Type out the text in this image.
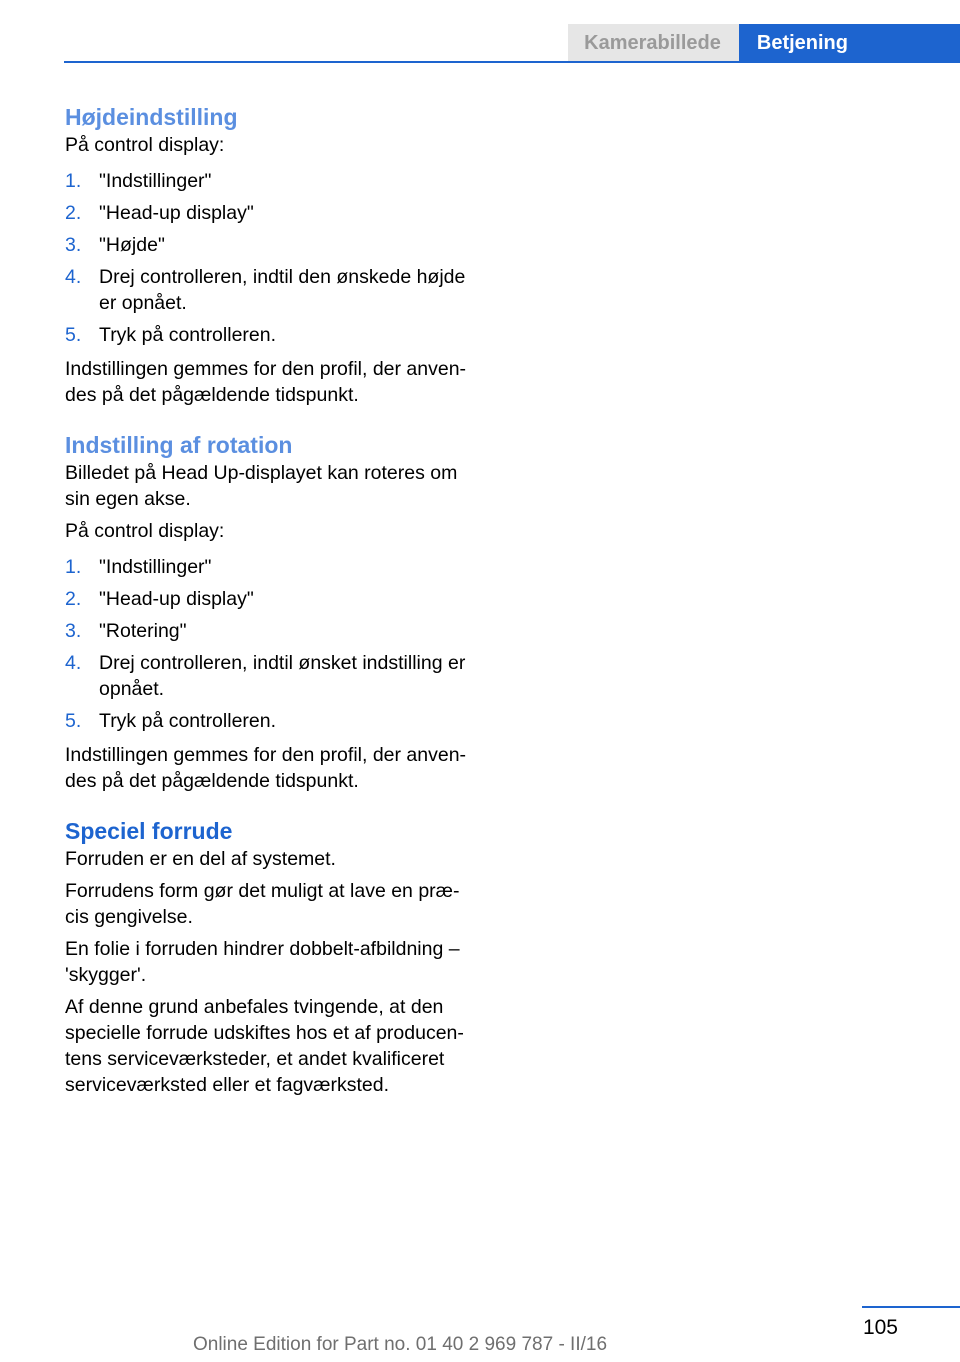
Kamerabillede	Betjening
Højdeindstilling

På control display:

1. "Indstillinger"
2. "Head-up display"
3. "Højde"
4. Drej controlleren, indtil den ønskede højde er opnået.
5. Tryk på controlleren.

Indstillingen gemmes for den profil, der anven‐des på det pågældende tidspunkt.

Indstilling af rotation

Billedet på Head Up-displayet kan roteres om sin egen akse.

På control display:

1. "Indstillinger"
2. "Head-up display"
3. "Rotering"
4. Drej controlleren, indtil ønsket indstilling er opnået.
5. Tryk på controlleren.

Indstillingen gemmes for den profil, der anven‐des på det pågældende tidspunkt.

Speciel forrude

Forruden er en del af systemet.

Forrudens form gør det muligt at lave en præ‐cis gengivelse.

En folie i forruden hindrer dobbelt-afbildning – 'skygger'.

Af denne grund anbefales tvingende, at den specielle forrude udskiftes hos et af producen‐tens serviceværksteder, et andet kvalificeret serviceværksted eller et fagværksted.

105
Online Edition for Part no. 01 40 2 969 787 - II/16
